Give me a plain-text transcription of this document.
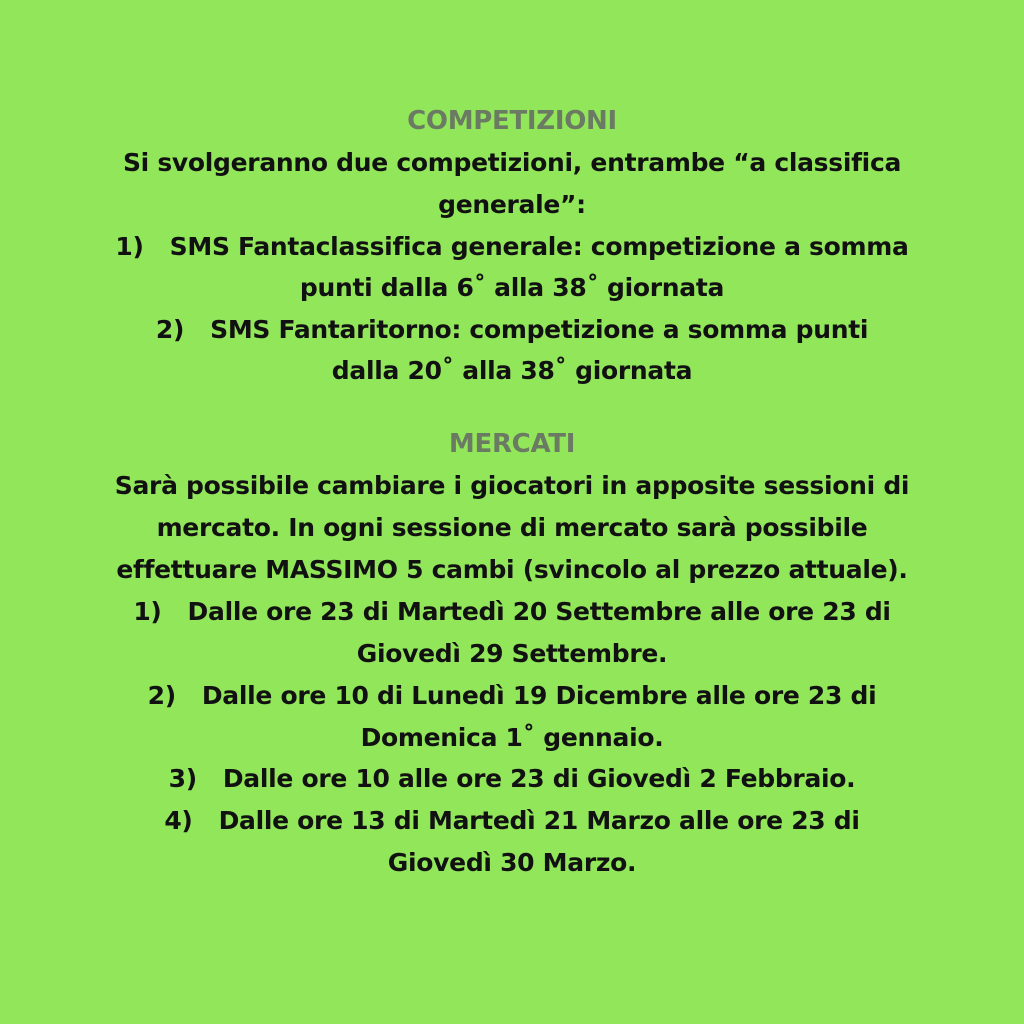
COMPETIZIONI
Si svolgeranno due competizioni, entrambe “a classifica
generale”:
1) SMS Fantaclassifica generale: competizione a somma
punti dalla 6˚ alla 38˚ giornata
2) SMS Fantaritorno: competizione a somma punti
dalla 20˚ alla 38˚ giornata
MERCATI
Sarà possibile cambiare i giocatori in apposite sessioni di
mercato. In ogni sessione di mercato sarà possibile
effettuare MASSIMO 5 cambi (svincolo al prezzo attuale).
1) Dalle ore 23 di Martedì 20 Settembre alle ore 23 di
Giovedì 29 Settembre.
2) Dalle ore 10 di Lunedì 19 Dicembre alle ore 23 di
Domenica 1˚ gennaio.
3) Dalle ore 10 alle ore 23 di Giovedì 2 Febbraio.
4) Dalle ore 13 di Martedì 21 Marzo alle ore 23 di
Giovedì 30 Marzo.
